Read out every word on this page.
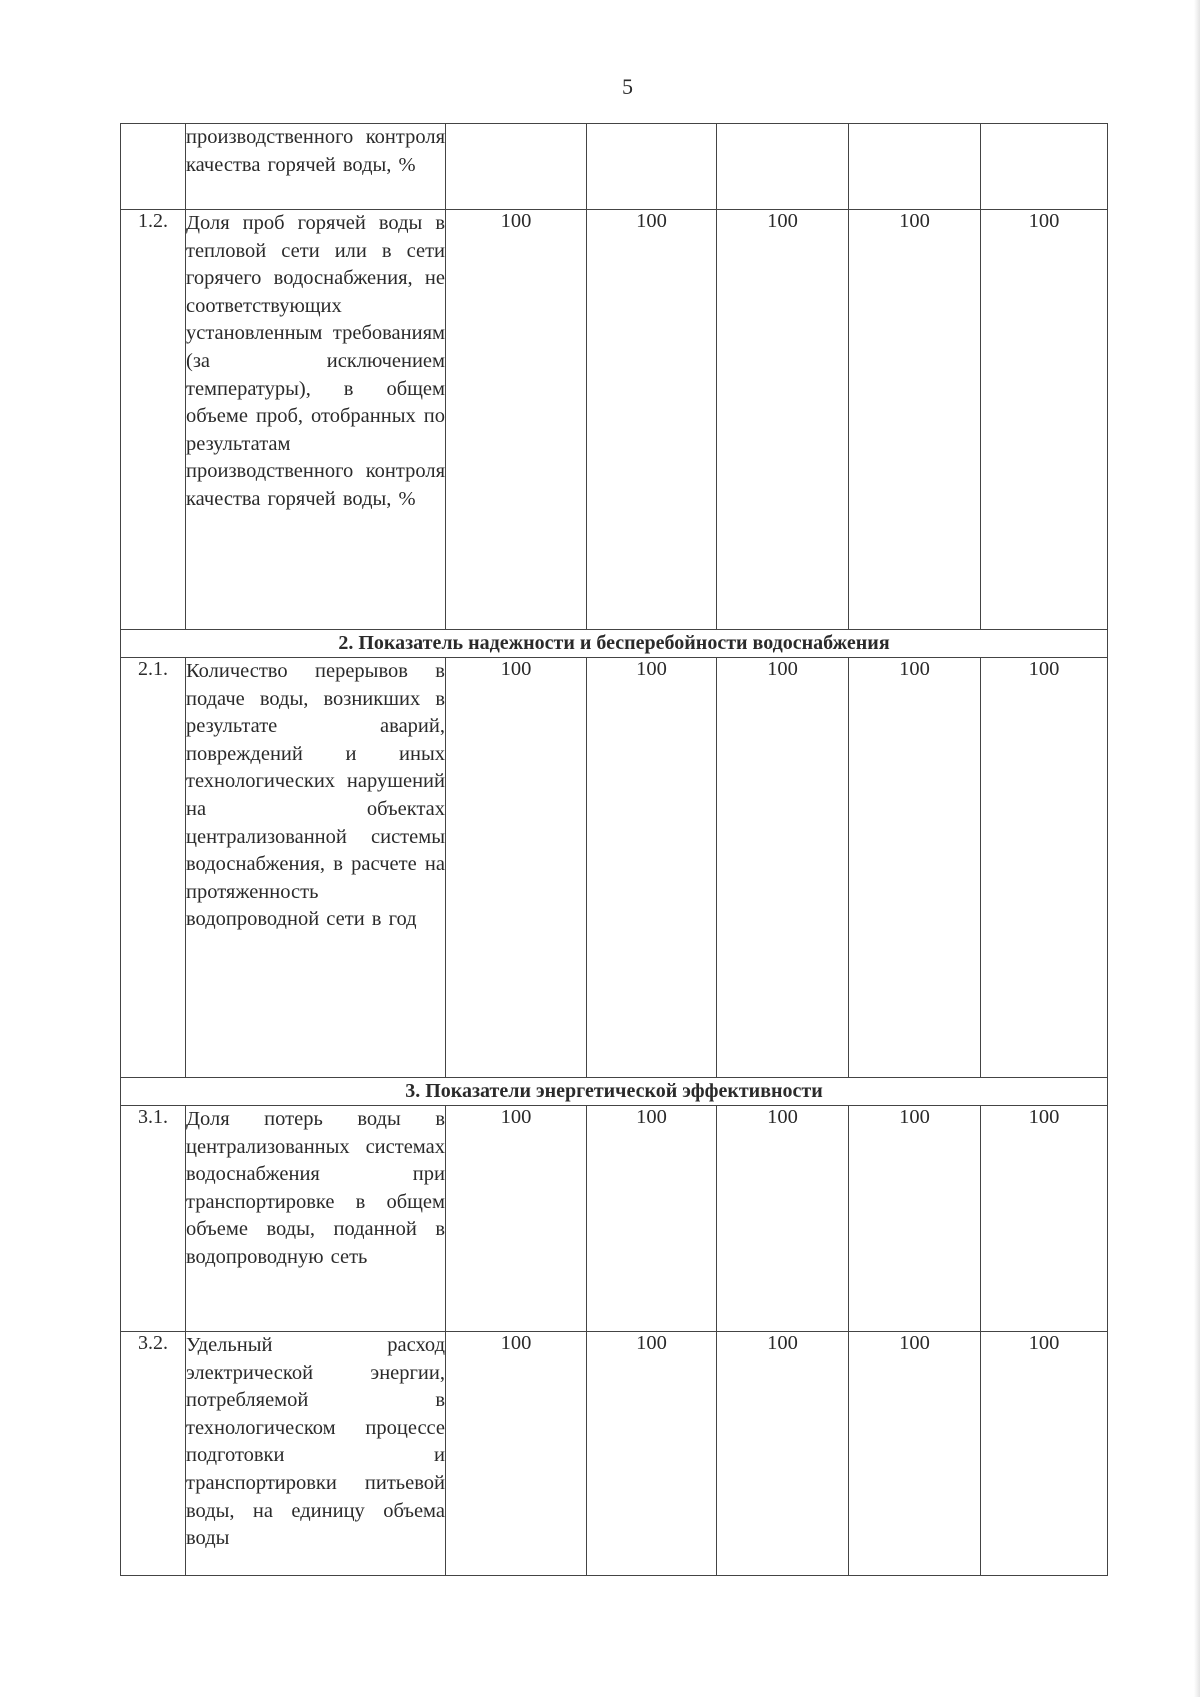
5
	производственного контроля качества горячей воды, %					
1.2.	Доля проб горячей воды в тепловой сети или в сети горячего водоснабжения, не соответствующих установленным требованиям (за исключением температуры), в общем объеме проб, отобранных по результатам производственного контроля качества горячей воды, %	100	100	100	100	100
2. Показатель надежности и бесперебойности водоснабжения						
2.1.	Количество перерывов в подаче воды, возникших в результате аварий, повреждений и иных технологических нарушений на объектах централизованной системы водоснабжения, в расчете на протяженность водопроводной сети в год	100	100	100	100	100
3. Показатели энергетической эффективности						
3.1.	Доля потерь воды в централизованных системах водоснабжения при транспортировке в общем объеме воды, поданной в водопроводную сеть	100	100	100	100	100
3.2.	Удельный расход электрической энергии, потребляемой в технологическом процессе подготовки и транспортировки питьевой воды, на единицу объема воды	100	100	100	100	100
